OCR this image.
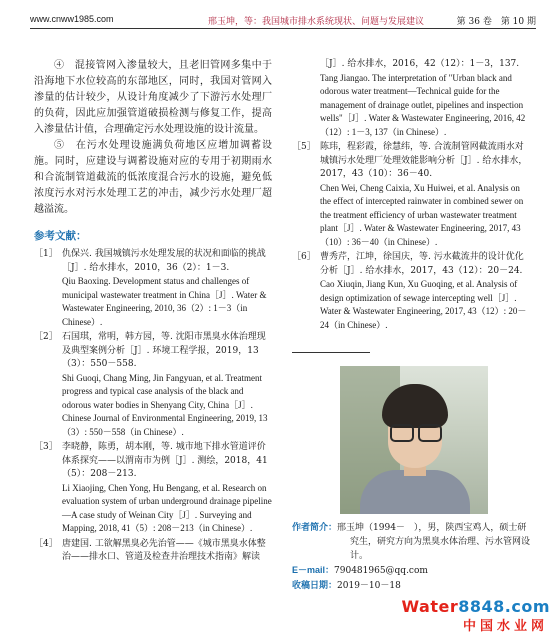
www.cnww1985.com	邢玉坤，等：我国城市排水系统现状、问题与发展建议	第 36 卷　第 10 期

④　混接管网入渗量较大，且老旧管网多集中于沿海地下水位较高的东部地区，同时，我国对管网入渗量的估计较少，从设计角度减少了下游污水处理厂的负荷，因此应加强管道破损检测与修复工作，提高入渗量估计值，合理确定污水处理设施的设计流量。

⑤　在污水处理设施满负荷地区应增加调蓄设施。同时，应建设与调蓄设施对应的专用于初期雨水和合流制管道截流的低浓度混合污水的设施，避免低浓度污水对污水处理工艺的冲击，减少污水处理厂超越溢流。

参考文献：
［1］ 仇保兴. 我国城镇污水处理发展的状况和面临的挑战［J］. 给水排水，2010，36（2）：1－3.
Qiu Baoxing. Development status and challenges of municipal wastewater treatment in China［J］. Water & Wastewater Engineering, 2010, 36（2）: 1－3（in Chinese）.
［2］ 石国琪，常明，韩方园，等. 沈阳市黑臭水体治理现及典型案例分析［J］. 环境工程学报，2019，13（3）：550－558.
Shi Guoqi, Chang Ming, Jin Fangyuan, et al. Treatment progress and typical case analysis of the black and odorous water bodies in Shenyang City, China［J］. Chinese Journal of Environmental Engineering, 2019, 13（3）: 550－558（in Chinese）.
［3］ 李晓静，陈勇，胡本刚，等. 城市地下排水管道评价体系探究——以渭南市为例［J］. 测绘，2018，41（5）：208－213.
Li Xiaojing, Chen Yong, Hu Bengang, et al. Research on evaluation system of urban underground drainage pipeline—A case study of Weinan City［J］. Surveying and Mapping, 2018, 41（5）: 208－213（in Chinese）.
［4］ 唐建国. 工欲解黑臭必先治管——《城市黑臭水体整治——排水口、管道及检查井治理技术指南》解读
［J］. 给水排水，2016，42（12）：1－3，137.
Tang Jiangao. The interpretation of "Urban black and odorous water treatment—Technical guide for the management of drainage outlet, pipelines and inspection wells"［J］. Water & Wastewater Engineering, 2016, 42（12）: 1－3, 137（in Chinese）.
［5］ 陈玮，程彩霞，徐慧纬，等. 合流制管网截流雨水对城镇污水处理厂处理效能影响分析［J］. 给水排水，2017，43（10）：36－40.
Chen Wei, Cheng Caixia, Xu Huiwei, et al. Analysis on the effect of intercepted rainwater in combined sewer on the treatment efficiency of urban wastewater treatment plant［J］. Water & Wastewater Engineering, 2017, 43（10）: 36－40（in Chinese）.
［6］ 曹秀芹，江坤，徐国庆，等. 污水截流井的设计优化分析［J］. 给水排水，2017，43（12）：20－24.
Cao Xiuqin, Jiang Kun, Xu Guoqing, et al. Analysis of design optimization of sewage intercepting well［J］. Water & Wastewater Engineering, 2017, 43（12）: 20－24（in Chinese）.
作者简介：邢玉坤（1994－　），男，陕西宝鸡人，硕士研究生，研究方向为黑臭水体治理、污水管网设计。
E－mail：790481965@qq.com
收稿日期：2019－10－18
Water8848.com
中国水业网
